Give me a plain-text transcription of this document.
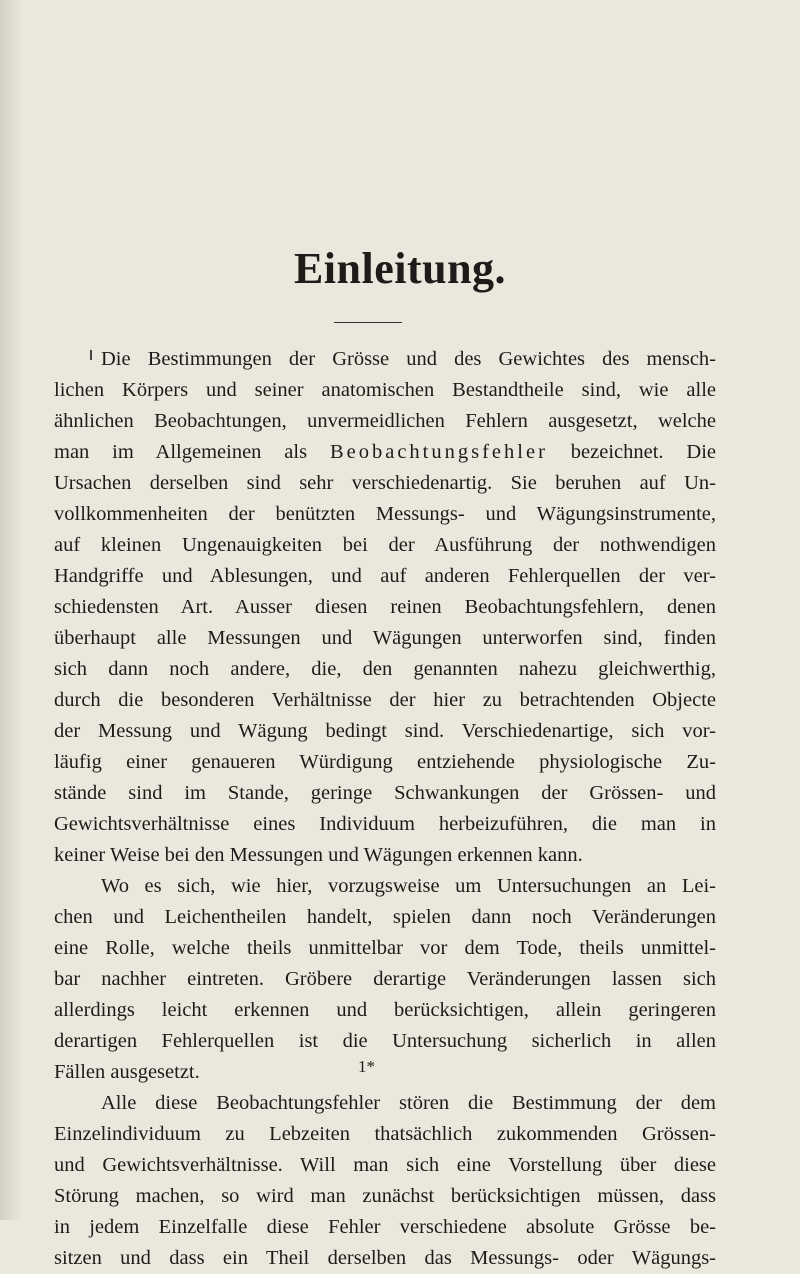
Einleitung.
Die Bestimmungen der Grösse und des Gewichtes des mensch-
lichen Körpers und seiner anatomischen Bestandtheile sind, wie alle
ähnlichen Beobachtungen, unvermeidlichen Fehlern ausgesetzt, welche
man im Allgemeinen als Beobachtungsfehler bezeichnet. Die
Ursachen derselben sind sehr verschiedenartig. Sie beruhen auf Un-
vollkommenheiten der benützten Messungs- und Wägungsinstrumente,
auf kleinen Ungenauigkeiten bei der Ausführung der nothwendigen
Handgriffe und Ablesungen, und auf anderen Fehlerquellen der ver-
schiedensten Art. Ausser diesen reinen Beobachtungsfehlern, denen
überhaupt alle Messungen und Wägungen unterworfen sind, finden
sich dann noch andere, die, den genannten nahezu gleichwerthig,
durch die besonderen Verhältnisse der hier zu betrachtenden Objecte
der Messung und Wägung bedingt sind. Verschiedenartige, sich vor-
läufig einer genaueren Würdigung entziehende physiologische Zu-
stände sind im Stande, geringe Schwankungen der Grössen- und
Gewichtsverhältnisse eines Individuum herbeizuführen, die man in
keiner Weise bei den Messungen und Wägungen erkennen kann.
Wo es sich, wie hier, vorzugsweise um Untersuchungen an Lei-
chen und Leichentheilen handelt, spielen dann noch Veränderungen
eine Rolle, welche theils unmittelbar vor dem Tode, theils unmittel-
bar nachher eintreten. Gröbere derartige Veränderungen lassen sich
allerdings leicht erkennen und berücksichtigen, allein geringeren
derartigen Fehlerquellen ist die Untersuchung sicherlich in allen
Fällen ausgesetzt.
Alle diese Beobachtungsfehler stören die Bestimmung der dem
Einzelindividuum zu Lebzeiten thatsächlich zukommenden Grössen-
und Gewichtsverhältnisse. Will man sich eine Vorstellung über diese
Störung machen, so wird man zunächst berücksichtigen müssen, dass
in jedem Einzelfalle diese Fehler verschiedene absolute Grösse be-
sitzen und dass ein Theil derselben das Messungs- oder Wägungs-
1*
